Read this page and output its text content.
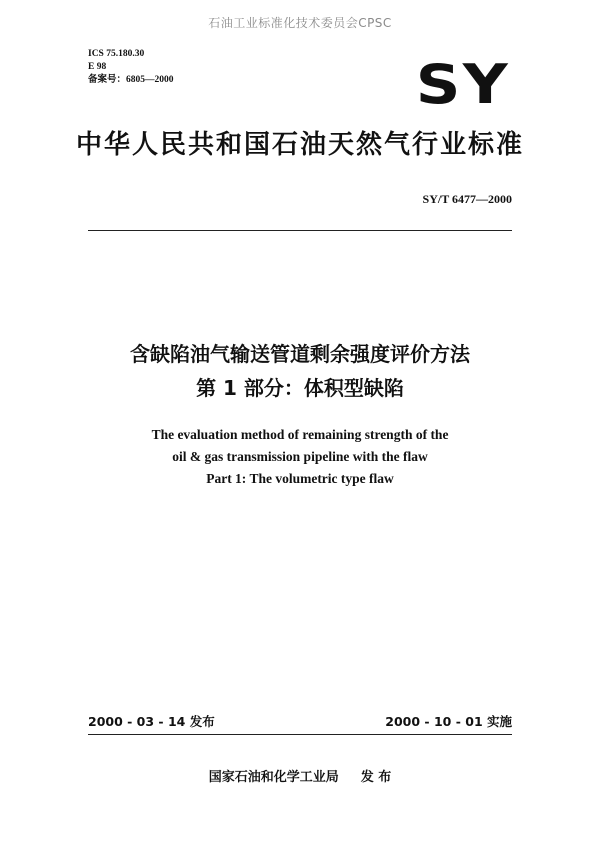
石油工业标准化技术委员会CPSC
ICS 75.180.30
E 98
备案号：6805—2000	SY
中华人民共和国石油天然气行业标准
SY/T 6477—2000
含缺陷油气输送管道剩余强度评价方法
第 1 部分：体积型缺陷
The evaluation method of remaining strength of the
oil & gas transmission pipeline with the flaw
Part 1: The volumetric type flaw
2000 - 03 - 14 发布	2000 - 10 - 01 实施
国家石油和化学工业局 发 布
